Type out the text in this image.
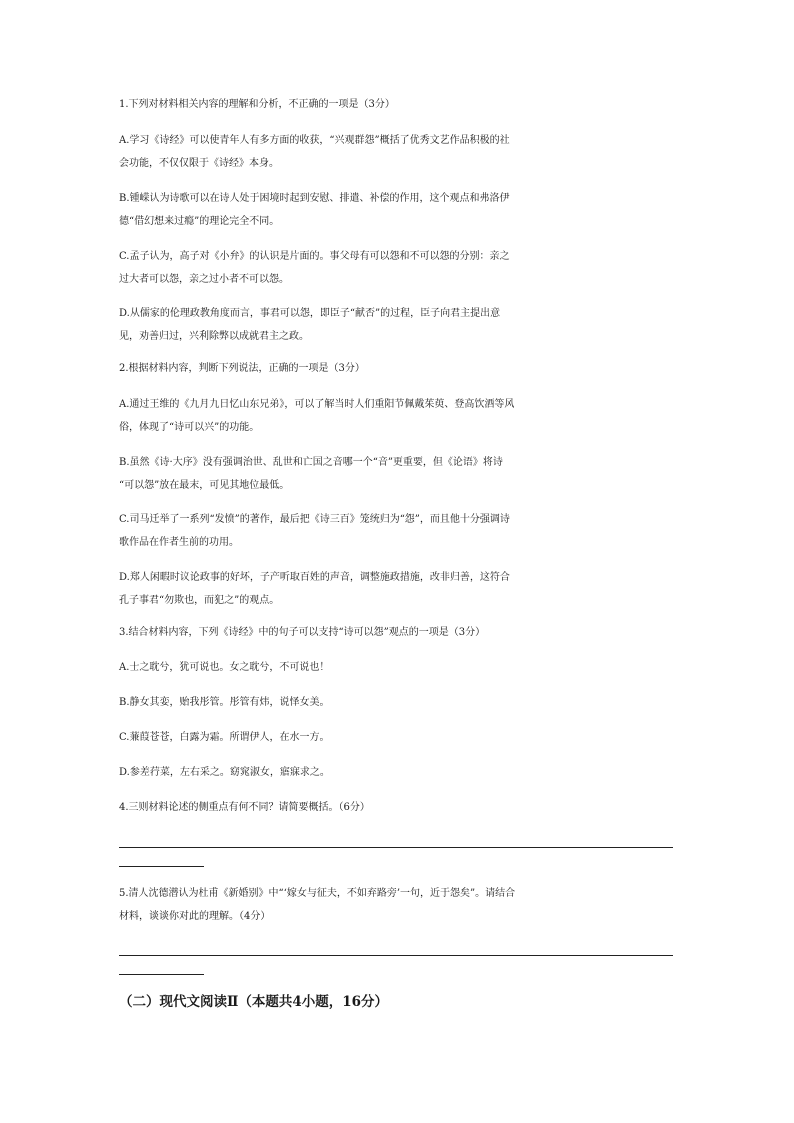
1.下列对材料相关内容的理解和分析，不正确的一项是（3分）
A.学习《诗经》可以使青年人有多方面的收获，“兴观群怨”概括了优秀文艺作品积极的社
会功能，不仅仅限于《诗经》本身。
B.锺嵘认为诗歌可以在诗人处于困境时起到安慰、排遣、补偿的作用，这个观点和弗洛伊
德“借幻想来过瘾”的理论完全不同。
C.孟子认为，高子对《小弁》的认识是片面的。事父母有可以怨和不可以怨的分别：亲之
过大者可以怨，亲之过小者不可以怨。
D.从儒家的伦理政教角度而言，事君可以怨，即臣子“献否”的过程，臣子向君主提出意
见，劝善归过，兴利除弊以成就君主之政。
2.根据材料内容，判断下列说法，正确的一项是（3分）
A.通过王维的《九月九日忆山东兄弟》，可以了解当时人们重阳节佩戴茱萸、登高饮酒等风
俗，体现了“诗可以兴”的功能。
B.虽然《诗·大序》没有强调治世、乱世和亡国之音哪一个“音”更重要，但《论语》将诗
“可以怨”放在最末，可见其地位最低。
C.司马迁举了一系列“发愤”的著作，最后把《诗三百》笼统归为“怨”，而且他十分强调诗
歌作品在作者生前的功用。
D.郑人闲暇时议论政事的好坏，子产听取百姓的声音，调整施政措施，改非归善，这符合
孔子事君“勿欺也，而犯之”的观点。
3.结合材料内容，下列《诗经》中的句子可以支持“诗可以怨”观点的一项是（3分）
A.士之耽兮，犹可说也。女之耽兮，不可说也！
B.静女其娈，贻我彤管。彤管有炜，说怿女美。
C.蒹葭苍苍，白露为霜。所谓伊人，在水一方。
D.参差荇菜，左右采之。窈窕淑女，寤寐求之。
4.三则材料论述的侧重点有何不同？请简要概括。（6分）
5.清人沈德潜认为杜甫《新婚别》中“‘嫁女与征夫，不如弃路旁’一句，近于怨矣”。请结合
材料，谈谈你对此的理解。（4分）
（二）现代文阅读Ⅱ（本题共4小题，16分）
